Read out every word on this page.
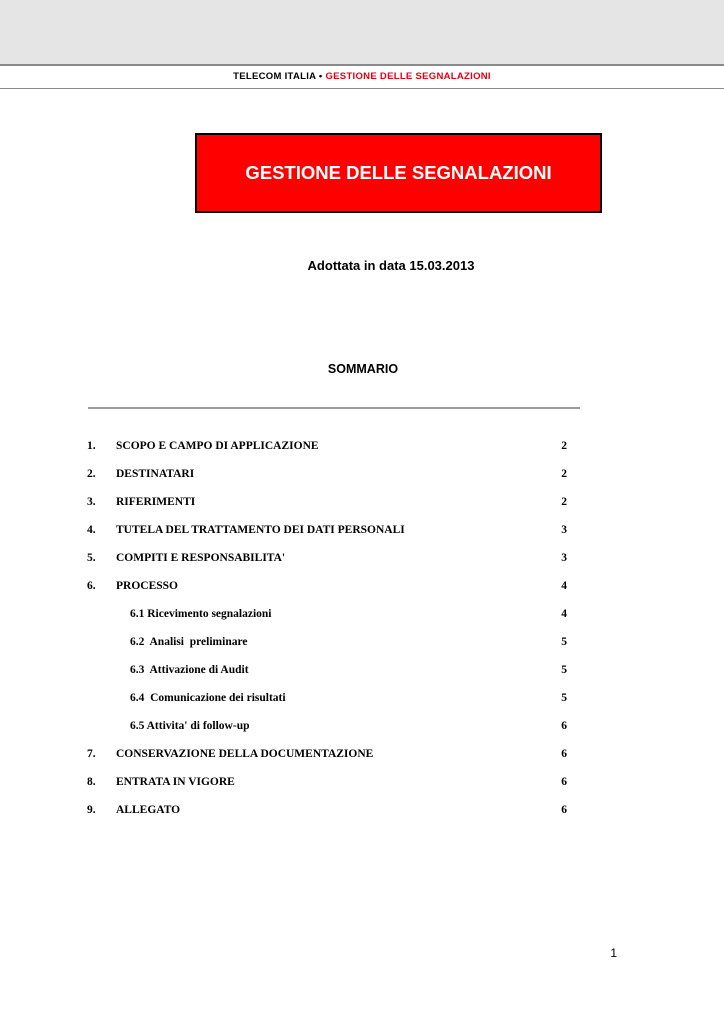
TELECOM ITALIA • GESTIONE DELLE SEGNALAZIONI
GESTIONE DELLE SEGNALAZIONI
Adottata in data 15.03.2013
SOMMARIO
1. SCOPO E CAMPO DI APPLICAZIONE	2
2. DESTINATARI	2
3. RIFERIMENTI	2
4. TUTELA DEL TRATTAMENTO DEI DATI PERSONALI	3
5. COMPITI E RESPONSABILITA'	3
6. PROCESSO	4
6.1 Ricevimento segnalazioni	4
6.2  Analisi  preliminare	5
6.3  Attivazione di Audit	5
6.4  Comunicazione dei risultati	5
6.5 Attivita' di follow-up	6
7. CONSERVAZIONE DELLA DOCUMENTAZIONE	6
8. ENTRATA IN VIGORE	6
9. ALLEGATO	6
1
